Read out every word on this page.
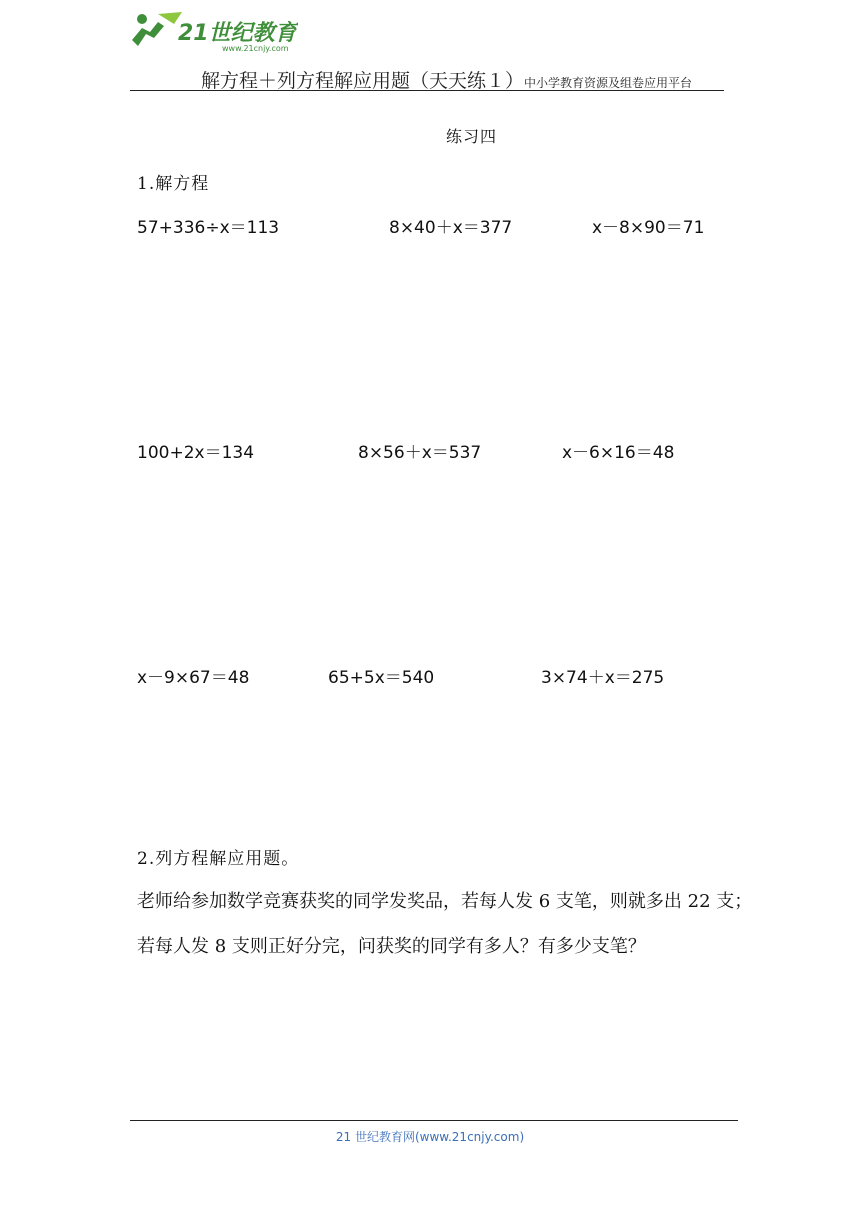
21世纪教育
www.21cnjy.com
解方程＋列方程解应用题（天天练１）中小学教育资源及组卷应用平台
练习四
1.解方程
57+336÷x＝113	8×40＋x＝377	x－8×90＝71
100+2x＝134	8×56＋x＝537	x－6×16＝48
x－9×67＝48	65+5x＝540	3×74＋x＝275
2.列方程解应用题。
老师给参加数学竞赛获奖的同学发奖品，若每人发 6 支笔，则就多出 22 支；
若每人发 8 支则正好分完，问获奖的同学有多人？有多少支笔？
21 世纪教育网(www.21cnjy.com)
